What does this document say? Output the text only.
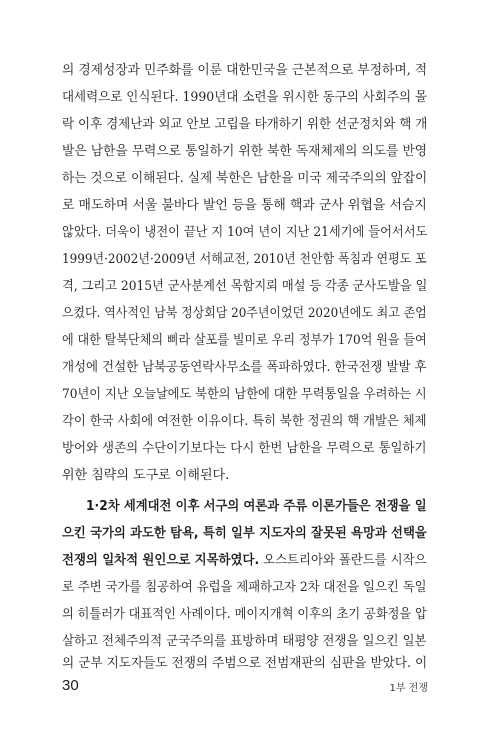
의 경제성장과 민주화를 이룬 대한민국을 근본적으로 부정하며, 적
대세력으로 인식된다. 1990년대 소련을 위시한 동구의 사회주의 몰
락 이후 경제난과 외교 안보 고립을 타개하기 위한 선군정치와 핵 개
발은 남한을 무력으로 통일하기 위한 북한 독재체제의 의도를 반영
하는 것으로 이해된다. 실제 북한은 남한을 미국 제국주의의 앞잡이
로 매도하며 서울 불바다 발언 등을 통해 핵과 군사 위협을 서슴지
않았다. 더욱이 냉전이 끝난 지 10여 년이 지난 21세기에 들어서서도
1999년·2002년·2009년 서해교전, 2010년 천안함 폭침과 연평도 포
격, 그리고 2015년 군사분계선 목함지뢰 매설 등 각종 군사도발을 일
으켰다. 역사적인 남북 정상회담 20주년이었던 2020년에도 최고 존엄
에 대한 탈북단체의 삐라 살포를 빌미로 우리 정부가 170억 원을 들여
개성에 건설한 남북공동연락사무소를 폭파하였다. 한국전쟁 발발 후
70년이 지난 오늘날에도 북한의 남한에 대한 무력통일을 우려하는 시
각이 한국 사회에 여전한 이유이다. 특히 북한 정권의 핵 개발은 체제
방어와 생존의 수단이기보다는 다시 한번 남한을 무력으로 통일하기
위한 침략의 도구로 이해된다.
1·2차 세계대전 이후 서구의 여론과 주류 이론가들은 전쟁을 일
으킨 국가의 과도한 탐욕, 특히 일부 지도자의 잘못된 욕망과 선택을
전쟁의 일차적 원인으로 지목하였다. 오스트리아와 폴란드를 시작으
로 주변 국가를 침공하여 유럽을 제패하고자 2차 대전을 일으킨 독일
의 히틀러가 대표적인 사례이다. 메이지개혁 이후의 초기 공화정을 압
살하고 전체주의적 군국주의를 표방하며 태평양 전쟁을 일으킨 일본
의 군부 지도자들도 전쟁의 주범으로 전범재판의 심판을 받았다. 이
30	1부 전쟁
